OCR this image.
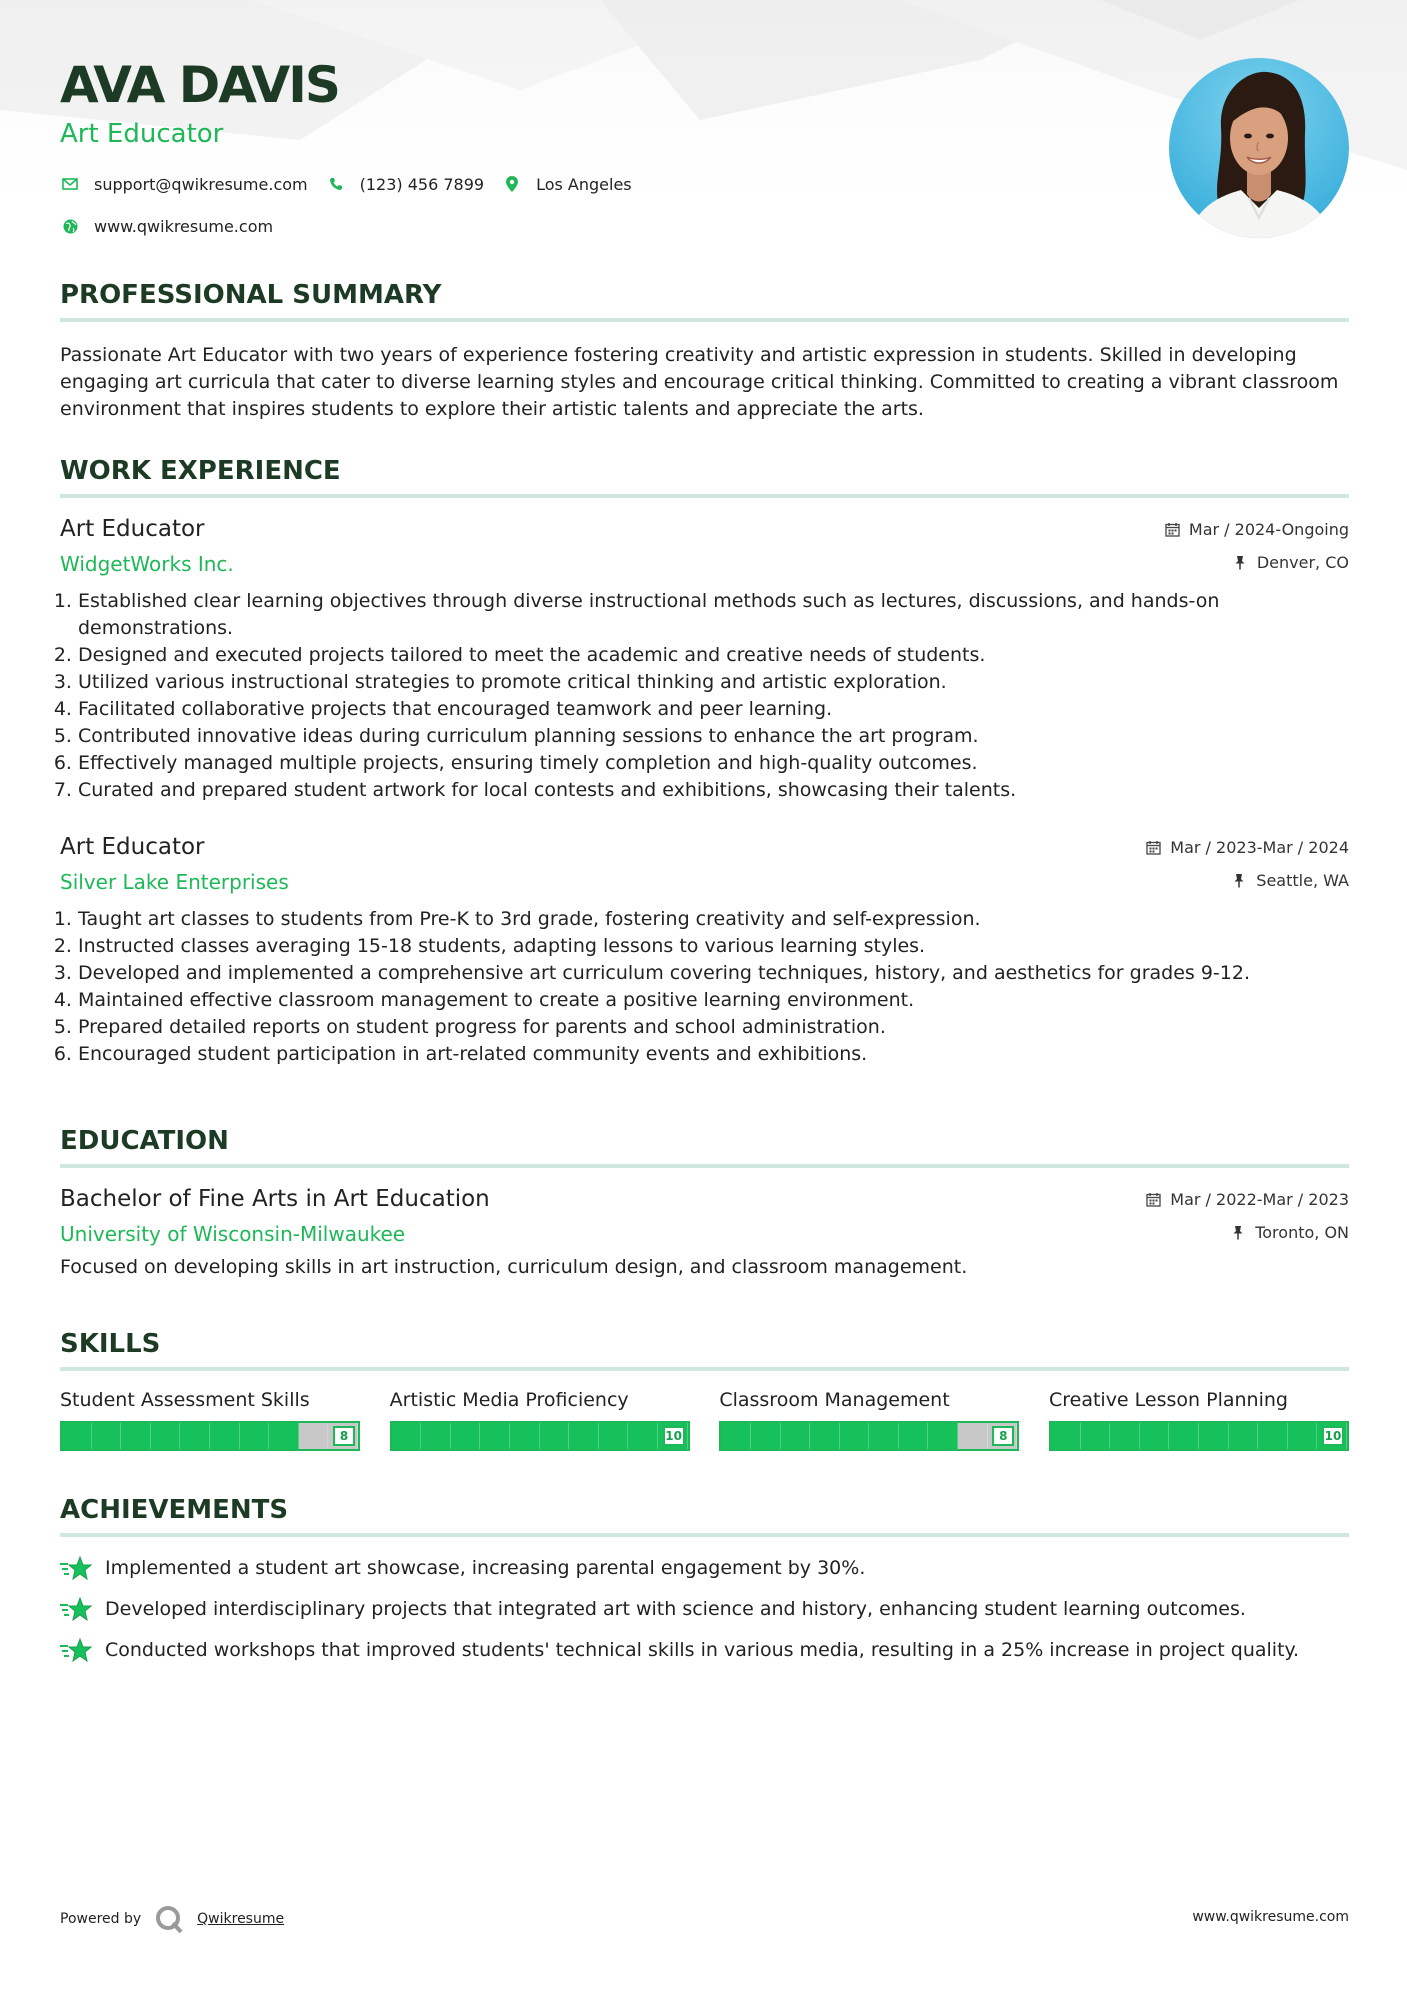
AVA DAVIS
Art Educator
support@qwikresume.com	(123) 456 7899	Los Angeles
www.qwikresume.com
PROFESSIONAL SUMMARY
Passionate Art Educator with two years of experience fostering creativity and artistic expression in students. Skilled in developing engaging art curricula that cater to diverse learning styles and encourage critical thinking. Committed to creating a vibrant classroom environment that inspires students to explore their artistic talents and appreciate the arts.
WORK EXPERIENCE
Art Educator
WidgetWorks Inc.
Mar / 2024-Ongoing
Denver, CO
1. Established clear learning objectives through diverse instructional methods such as lectures, discussions, and hands-on demonstrations.
2. Designed and executed projects tailored to meet the academic and creative needs of students.
3. Utilized various instructional strategies to promote critical thinking and artistic exploration.
4. Facilitated collaborative projects that encouraged teamwork and peer learning.
5. Contributed innovative ideas during curriculum planning sessions to enhance the art program.
6. Effectively managed multiple projects, ensuring timely completion and high-quality outcomes.
7. Curated and prepared student artwork for local contests and exhibitions, showcasing their talents.
Art Educator
Silver Lake Enterprises
Mar / 2023-Mar / 2024
Seattle, WA
1. Taught art classes to students from Pre-K to 3rd grade, fostering creativity and self-expression.
2. Instructed classes averaging 15-18 students, adapting lessons to various learning styles.
3. Developed and implemented a comprehensive art curriculum covering techniques, history, and aesthetics for grades 9-12.
4. Maintained effective classroom management to create a positive learning environment.
5. Prepared detailed reports on student progress for parents and school administration.
6. Encouraged student participation in art-related community events and exhibitions.
EDUCATION
Bachelor of Fine Arts in Art Education
University of Wisconsin-Milwaukee
Mar / 2022-Mar / 2023
Toronto, ON
Focused on developing skills in art instruction, curriculum design, and classroom management.
SKILLS
Student Assessment Skills
8
Artistic Media Proficiency
10
Classroom Management
8
Creative Lesson Planning
10
ACHIEVEMENTS
Implemented a student art showcase, increasing parental engagement by 30%.
Developed interdisciplinary projects that integrated art with science and history, enhancing student learning outcomes.
Conducted workshops that improved students' technical skills in various media, resulting in a 25% increase in project quality.
Powered by	Qwikresume	www.qwikresume.com
